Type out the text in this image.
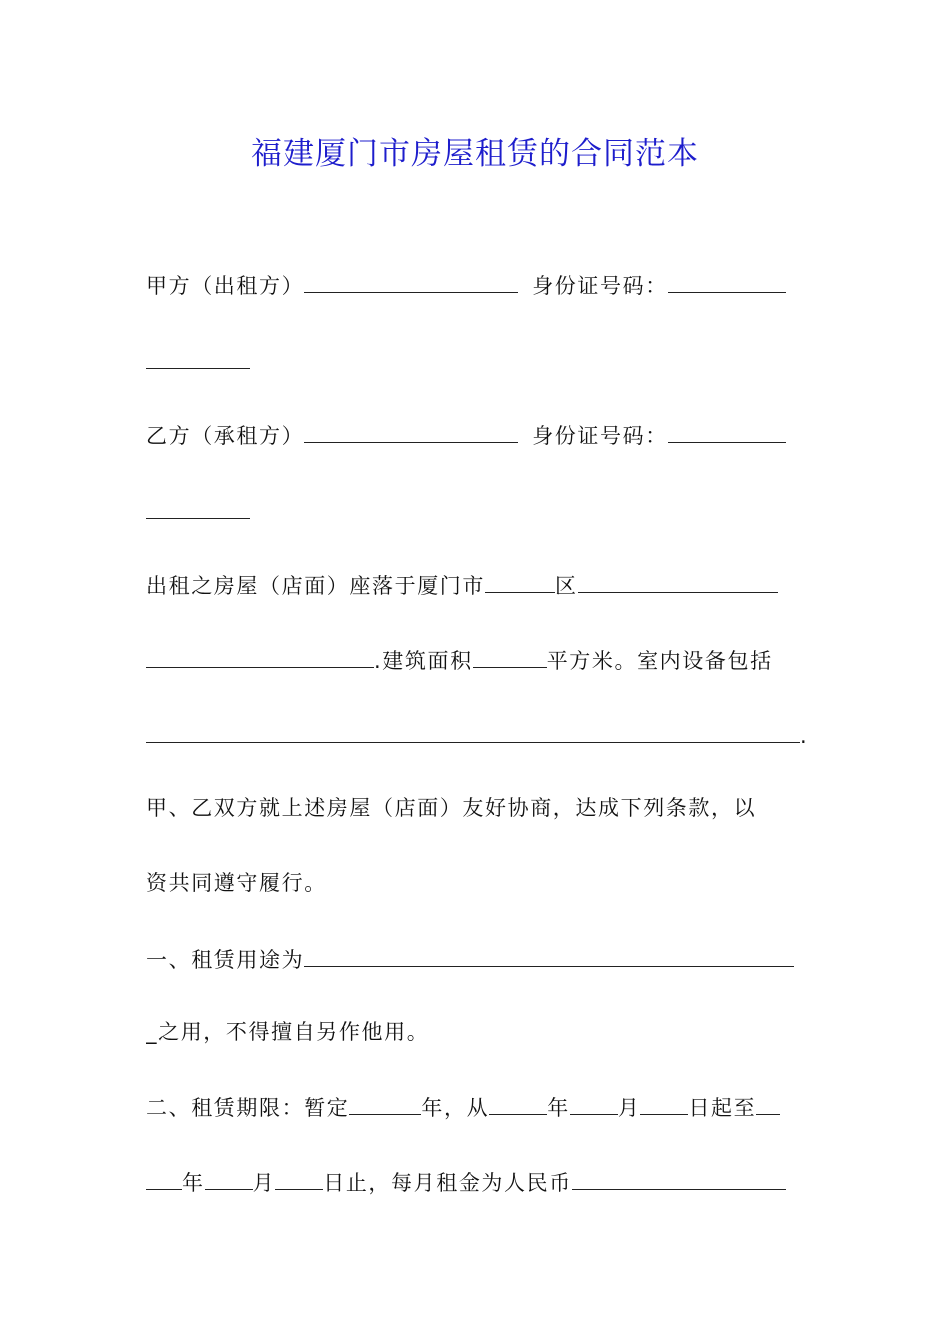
福建厦门市房屋租赁的合同范本
甲方（出租方）	身份证号码：
乙方（承租方）	身份证号码：
出租之房屋（店面）座落于厦门市	区
.建筑面积	平方米。室内设备包括
.
甲、乙双方就上述房屋（店面）友好协商，达成下列条款，以
资共同遵守履行。
一、租赁用途为
_之用，不得擅自另作他用。
二、租赁期限：暂定	年，从	年 月 日起至
年 月 日止，每月租金为人民币
